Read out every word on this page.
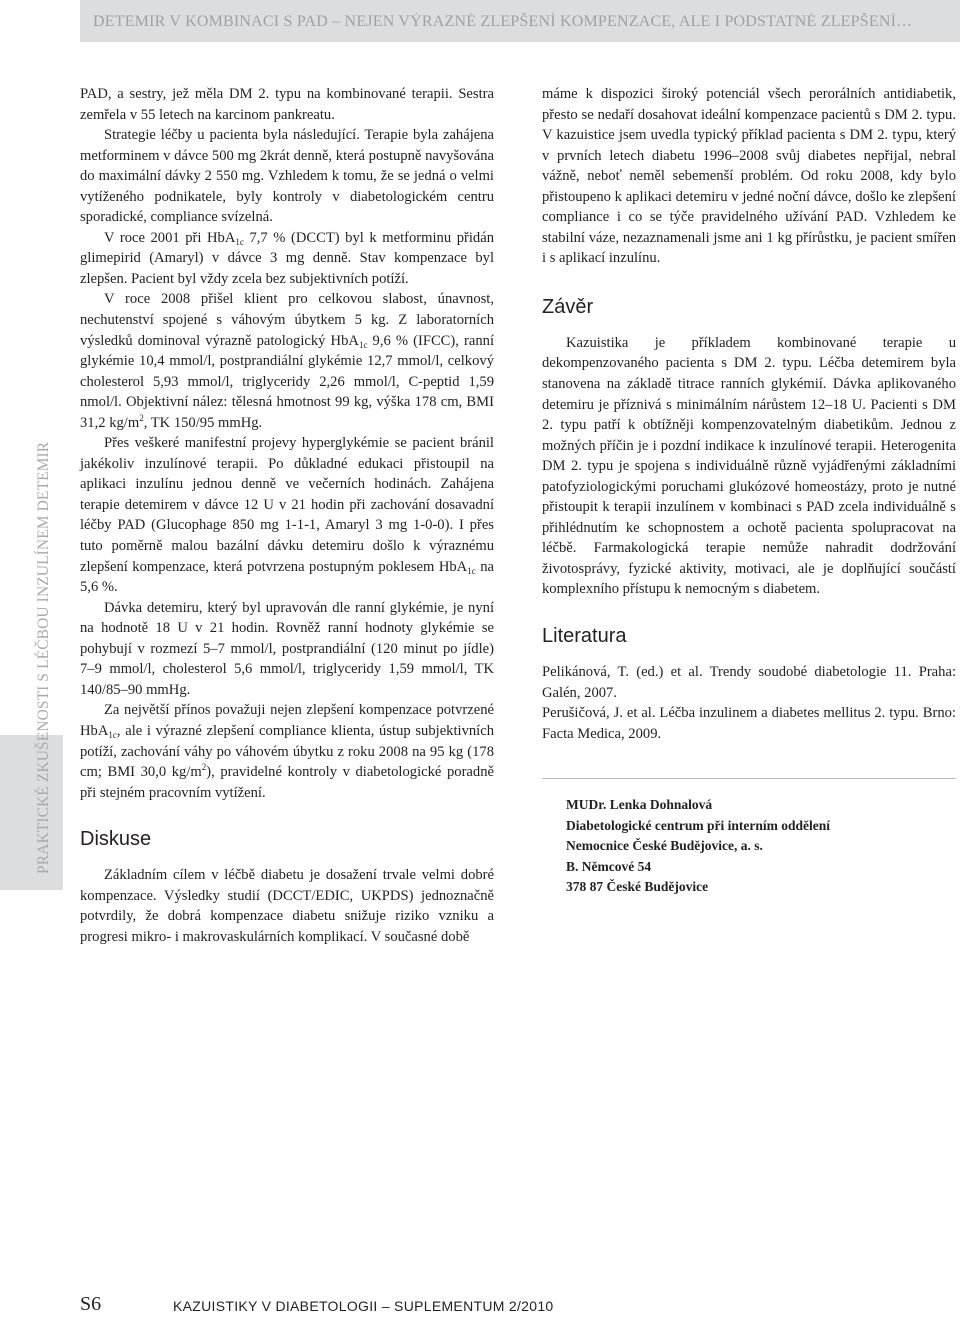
DETEMIR V KOMBINACI S PAD – NEJEN VÝRAZNÉ ZLEPŠENÍ KOMPENZACE, ALE I PODSTATNÉ ZLEPŠENÍ…
PRAKTICKÉ ZKUŠENOSTI S LÉČBOU INZULÍNEM DETEMIR

PAD, a sestry, jež měla DM 2. typu na kombinované terapii. Sestra zemřela v 55 letech na karcinom pankreatu.

Strategie léčby u pacienta byla následující. Terapie byla zahájena metforminem v dávce 500 mg 2krát denně, která postupně navyšována do maximální dávky 2 550 mg. Vzhledem k tomu, že se jedná o velmi vytíženého podnikatele, byly kontroly v diabetologickém centru sporadické, compliance svízelná.

V roce 2001 při HbA$_{1c}$ 7,7 % (DCCT) byl k metforminu přidán glimepirid (Amaryl) v dávce 3 mg denně. Stav kompenzace byl zlepšen. Pacient byl vždy zcela bez subjektivních potíží.

V roce 2008 přišel klient pro celkovou slabost, únavnost, nechutenství spojené s váhovým úbytkem 5 kg. Z laboratorních výsledků dominoval výrazně patologický HbA$_{1c}$ 9,6 % (IFCC), ranní glykémie 10,4 mmol/l, postprandiální glykémie 12,7 mmol/l, celkový cholesterol 5,93 mmol/l, triglyceridy 2,26 mmol/l, C-peptid 1,59 nmol/l. Objektivní nález: tělesná hmotnost 99 kg, výška 178 cm, BMI 31,2 $kg/m^2$, TK 150/95 mmHg.

Přes veškeré manifestní projevy hyperglykémie se pacient bránil jakékoliv inzulínové terapii. Po důkladné edukaci přistoupil na aplikaci inzulínu jednou denně ve večerních hodinách. Zahájena terapie detemirem v dávce 12 U v 21 hodin při zachování dosavadní léčby PAD (Glucophage 850 mg 1-1-1, Amaryl 3 mg 1-0-0). I přes tuto poměrně malou bazální dávku detemiru došlo k výraznému zlepšení kompenzace, která potvrzena postupným poklesem HbA$_{1c}$ na 5,6 %.

Dávka detemiru, který byl upravován dle ranní glykémie, je nyní na hodnotě 18 U v 21 hodin. Rovněž ranní hodnoty glykémie se pohybují v rozmezí 5–7 mmol/l, postprandiální (120 minut po jídle) 7–9 mmol/l, cholesterol 5,6 mmol/l, triglyceridy 1,59 mmol/l, TK 140/85–90 mmHg.

Za největší přínos považuji nejen zlepšení kompenzace potvrzené HbA$_{1c}$, ale i výrazné zlepšení compliance klienta, ústup subjektivních potíží, zachování váhy po váhovém úbytku z roku 2008 na 95 kg (178 cm; BMI 30,0 $kg/m^2$), pravidelné kontroly v diabetologické poradně při stejném pracovním vytížení.

Diskuse

Základním cílem v léčbě diabetu je dosažení trvale velmi dobré kompenzace. Výsledky studií (DCCT/EDIC, UKPDS) jednoznačně potvrdily, že dobrá kompenzace diabetu snižuje riziko vzniku a progresi mikro- i makrovaskulárních komplikací. V současné době

máme k dispozici široký potenciál všech perorálních antidiabetik, přesto se nedaří dosahovat ideální kompenzace pacientů s DM 2. typu. V kazuistice jsem uvedla typický příklad pacienta s DM 2. typu, který v prvních letech diabetu 1996–2008 svůj diabetes nepřijal, nebral vážně, neboť neměl sebemenší problém. Od roku 2008, kdy bylo přistoupeno k aplikaci detemiru v jedné noční dávce, došlo ke zlepšení compliance i co se týče pravidelného užívání PAD. Vzhledem ke stabilní váze, nezaznamenali jsme ani 1 kg přírůstku, je pacient smířen i s aplikací inzulínu.

Závěr

Kazuistika je příkladem kombinované terapie u dekompenzovaného pacienta s DM 2. typu. Léčba detemirem byla stanovena na základě titrace ranních glykémií. Dávka aplikovaného detemiru je příznivá s minimálním nárůstem 12–18 U. Pacienti s DM 2. typu patří k obtížněji kompenzovatelným diabetikům. Jednou z možných příčin je i pozdní indikace k inzulínové terapii. Heterogenita DM 2. typu je spojena s individuálně různě vyjádřenými základními patofyziologickými poruchami glukózové homeostázy, proto je nutné přistoupit k terapii inzulínem v kombinaci s PAD zcela individuálně s přihlédnutím ke schopnostem a ochotě pacienta spolupracovat na léčbě. Farmakologická terapie nemůže nahradit dodržování životosprávy, fyzické aktivity, motivaci, ale je doplňující součástí komplexního přístupu k nemocným s diabetem.

Literatura

Pelikánová, T. (ed.) et al. Trendy soudobé diabetologie 11. Praha: Galén, 2007.

Perušičová, J. et al. Léčba inzulinem a diabetes mellitus 2. typu. Brno: Facta Medica, 2009.

MUDr. Lenka Dohnalová
Diabetologické centrum při interním oddělení
Nemocnice České Budějovice, a. s.
B. Němcové 54
378 87 České Budějovice
S6	KAZUISTIKY V DIABETOLOGII – SUPLEMENTUM 2/2010
